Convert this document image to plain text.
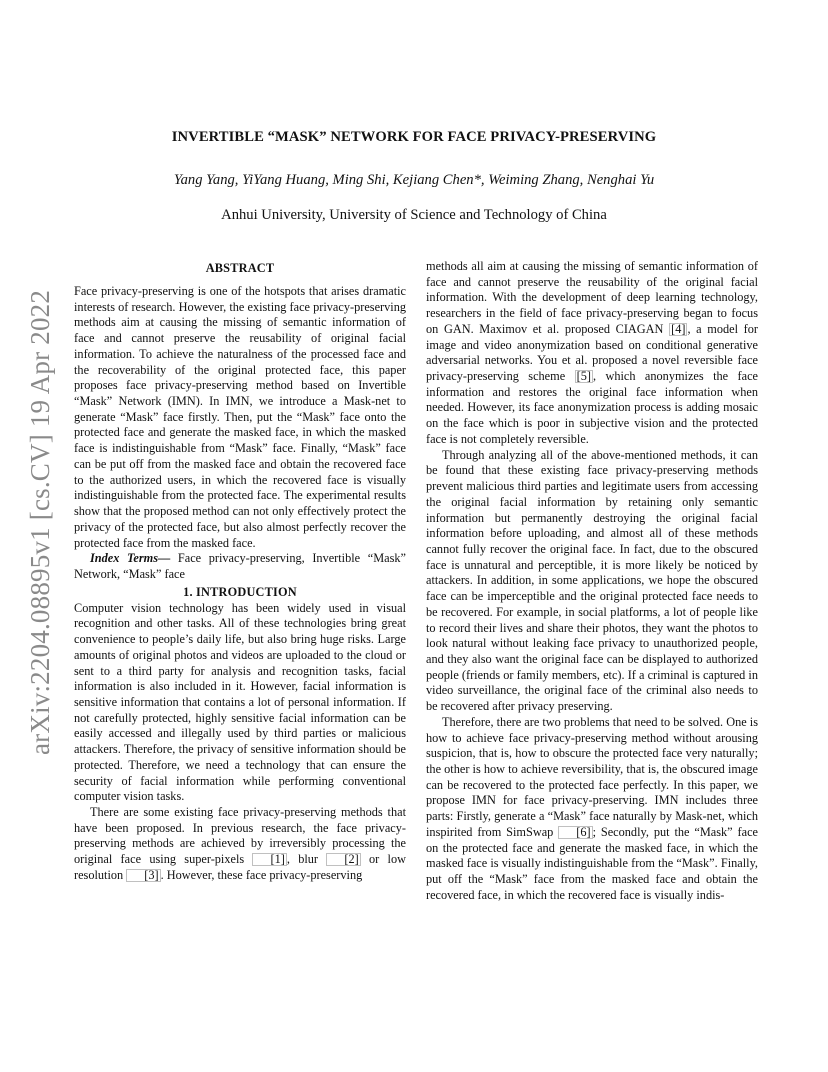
arXiv:2204.08895v1 [cs.CV] 19 Apr 2022
INVERTIBLE “MASK” NETWORK FOR FACE PRIVACY-PRESERVING
Yang Yang, YiYang Huang, Ming Shi, Kejiang Chen*, Weiming Zhang, Nenghai Yu
Anhui University, University of Science and Technology of China
ABSTRACT

Face privacy-preserving is one of the hotspots that arises dramatic interests of research. However, the existing face privacy-preserving methods aim at causing the missing of semantic information of face and cannot preserve the reusability of original facial information. To achieve the naturalness of the processed face and the recoverability of the original protected face, this paper proposes face privacy-preserving method based on Invertible “Mask” Network (IMN). In IMN, we introduce a Mask-net to generate “Mask” face firstly. Then, put the “Mask” face onto the protected face and generate the masked face, in which the masked face is indistinguishable from “Mask” face. Finally, “Mask” face can be put off from the masked face and obtain the recovered face to the authorized users, in which the recovered face is visually indistinguishable from the protected face. The experimental results show that the proposed method can not only effectively protect the privacy of the protected face, but also almost perfectly recover the protected face from the masked face.

Index Terms— Face privacy-preserving, Invertible “Mask” Network, “Mask” face

1. INTRODUCTION

Computer vision technology has been widely used in visual recognition and other tasks. All of these technologies bring great convenience to people’s daily life, but also bring huge risks. Large amounts of original photos and videos are uploaded to the cloud or sent to a third party for analysis and recognition tasks, facial information is also included in it. However, facial information is sensitive information that contains a lot of personal information. If not carefully protected, highly sensitive facial information can be easily accessed and illegally used by third parties or malicious attackers. Therefore, the privacy of sensitive information should be protected. Therefore, we need a technology that can ensure the security of facial information while performing conventional computer vision tasks.

There are some existing face privacy-preserving methods that have been proposed. In previous research, the face privacy-preserving methods are achieved by irreversibly processing the original face using super-pixels [1] , blur [2] or low resolution [3] . However, these face privacy-preserving

methods all aim at causing the missing of semantic information of face and cannot preserve the reusability of the original facial information. With the development of deep learning technology, researchers in the field of face privacy-preserving began to focus on GAN. Maximov et al. proposed CIAGAN [4] , a model for image and video anonymization based on conditional generative adversarial networks. You et al. proposed a novel reversible face privacy-preserving scheme [5] , which anonymizes the face information and restores the original face information when needed. However, its face anonymization process is adding mosaic on the face which is poor in subjective vision and the protected face is not completely reversible.

Through analyzing all of the above-mentioned methods, it can be found that these existing face privacy-preserving methods prevent malicious third parties and legitimate users from accessing the original facial information by retaining only semantic information but permanently destroying the original facial information before uploading, and almost all of these methods cannot fully recover the original face. In fact, due to the obscured face is unnatural and perceptible, it is more likely be noticed by attackers. In addition, in some applications, we hope the obscured face can be imperceptible and the original protected face needs to be recovered. For example, in social platforms, a lot of people like to record their lives and share their photos, they want the photos to look natural without leaking face privacy to unauthorized people, and they also want the original face can be displayed to authorized people (friends or family members, etc). If a criminal is captured in video surveillance, the original face of the criminal also needs to be recovered after privacy preserving.

Therefore, there are two problems that need to be solved. One is how to achieve face privacy-preserving method without arousing suspicion, that is, how to obscure the protected face very naturally; the other is how to achieve reversibility, that is, the obscured image can be recovered to the protected face perfectly. In this paper, we propose IMN for face privacy-preserving. IMN includes three parts: Firstly, generate a “Mask” face naturally by Mask-net, which inspirited from SimSwap [6] ; Secondly, put the “Mask” face on the protected face and generate the masked face, in which the masked face is visually indistinguishable from the “Mask”. Finally, put off the “Mask” face from the masked face and obtain the recovered face, in which the recovered face is visually indis-
